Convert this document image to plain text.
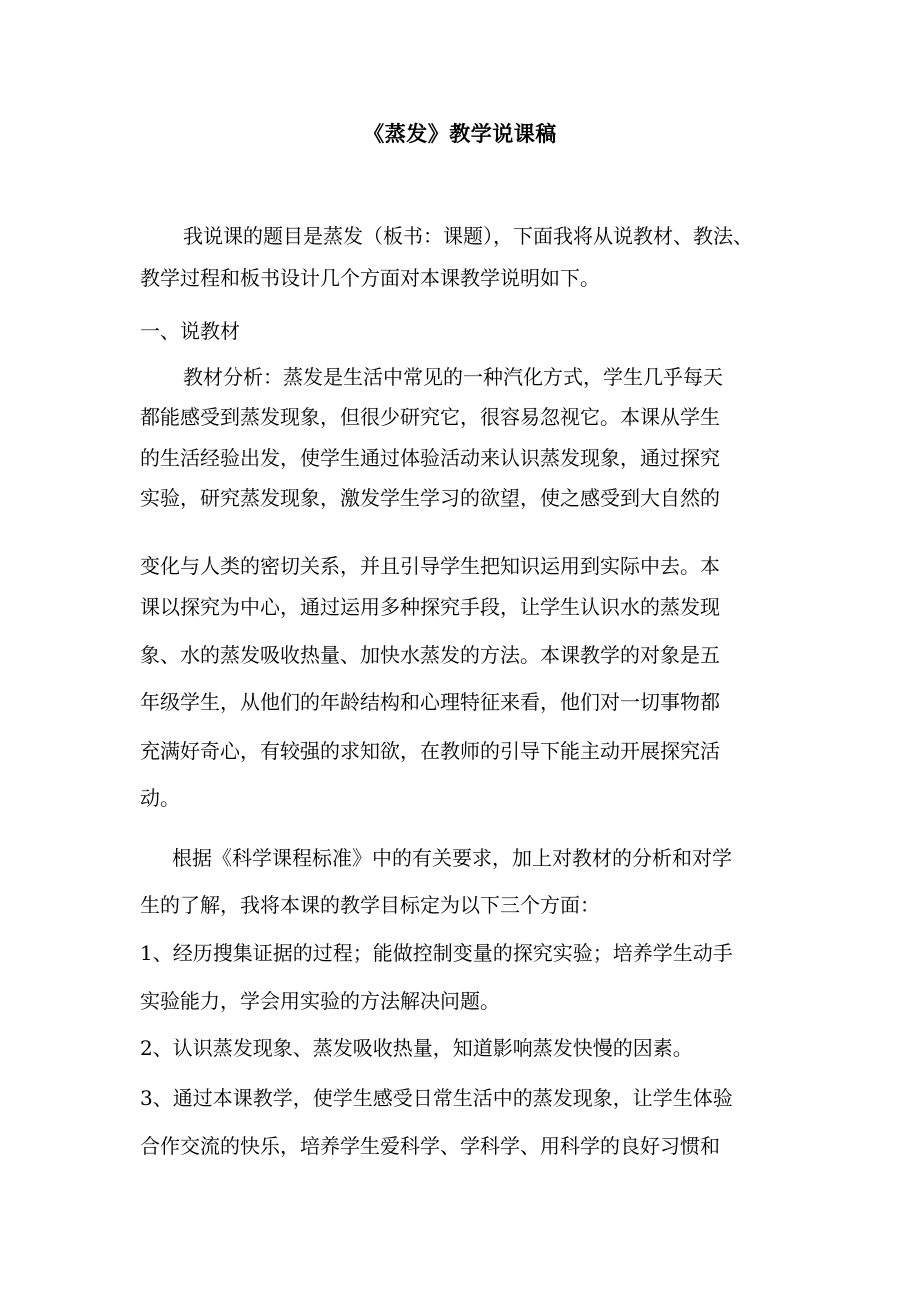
《蒸发》教学说课稿
我说课的题目是蒸发（板书：课题），下面我将从说教材、教法、
教学过程和板书设计几个方面对本课教学说明如下。
一、说教材
教材分析：蒸发是生活中常见的一种汽化方式，学生几乎每天
都能感受到蒸发现象，但很少研究它，很容易忽视它。本课从学生
的生活经验出发，使学生通过体验活动来认识蒸发现象，通过探究
实验，研究蒸发现象，激发学生学习的欲望，使之感受到大自然的
变化与人类的密切关系，并且引导学生把知识运用到实际中去。本
课以探究为中心，通过运用多种探究手段，让学生认识水的蒸发现
象、水的蒸发吸收热量、加快水蒸发的方法。本课教学的对象是五
年级学生，从他们的年龄结构和心理特征来看，他们对一切事物都
充满好奇心，有较强的求知欲，在教师的引导下能主动开展探究活
动。
根据《科学课程标准》中的有关要求，加上对教材的分析和对学
生的了解，我将本课的教学目标定为以下三个方面：
1、经历搜集证据的过程；能做控制变量的探究实验；培养学生动手
实验能力，学会用实验的方法解决问题。
2、认识蒸发现象、蒸发吸收热量，知道影响蒸发快慢的因素。
3、通过本课教学，使学生感受日常生活中的蒸发现象，让学生体验
合作交流的快乐，培养学生爱科学、学科学、用科学的良好习惯和
